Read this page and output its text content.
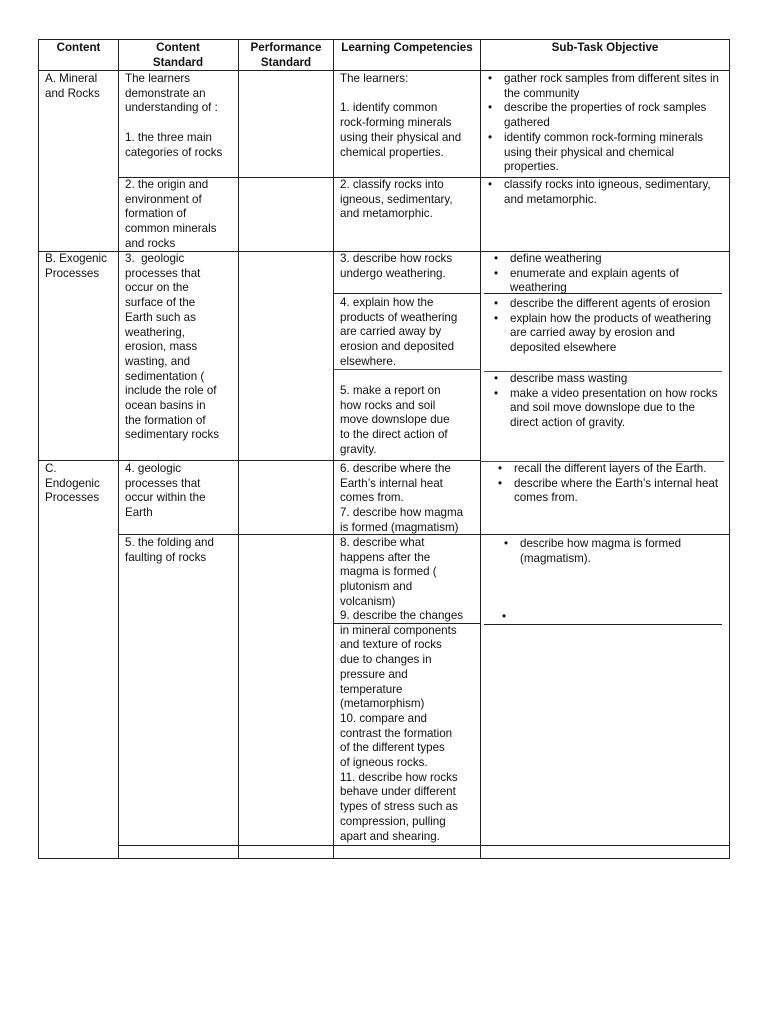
Content	Content Standard
Performance Standard
Learning Competencies	Sub-Task Objective
A. Mineral
and Rocks
The learners
demonstrate an
understanding of :

1. the three main
categories of rocks
The learners:

1. identify common
rock-forming minerals
using their physical and
chemical properties.
• gather rock samples from different sites in the community
• describe the properties of rock samples gathered
• identify common rock-forming minerals using their physical and chemical properties.
2. the origin and
environment of
formation of
common minerals
and rocks
2. classify rocks into
igneous, sedimentary,
and metamorphic.
• classify rocks into igneous, sedimentary, and metamorphic.
B. Exogenic
Processes
3.  geologic
processes that
occur on the
surface of the
Earth such as
weathering,
erosion, mass
wasting, and
sedimentation (
include the role of
ocean basins in
the formation of
sedimentary rocks
3. describe how rocks
undergo weathering.
• define weathering
• enumerate and explain agents of weathering
4. explain how the
products of weathering
are carried away by
erosion and deposited
elsewhere.
• describe the different agents of erosion
• explain how the products of weathering are carried away by erosion and deposited elsewhere
5. make a report on
how rocks and soil
move downslope due
to the direct action of
gravity.
• describe mass wasting
• make a video presentation on how rocks and soil move downslope due to the direct action of gravity.
C.
Endogenic
Processes
4. geologic
processes that
occur within the
Earth
6. describe where the
Earth’s internal heat
comes from.
7. describe how magma
is formed (magmatism)
• recall the different layers of the Earth.
• describe where the Earth’s internal heat comes from.
5. the folding and
faulting of rocks
8. describe what
happens after the
magma is formed (
plutonism and
volcanism)
• describe how magma is formed (magmatism).
9. describe the changes
in mineral components
and texture of rocks
due to changes in
pressure and
temperature
(metamorphism)
10. compare and
contrast the formation
of the different types
of igneous rocks.
11. describe how rocks
behave under different
types of stress such as
compression, pulling
apart and shearing.
